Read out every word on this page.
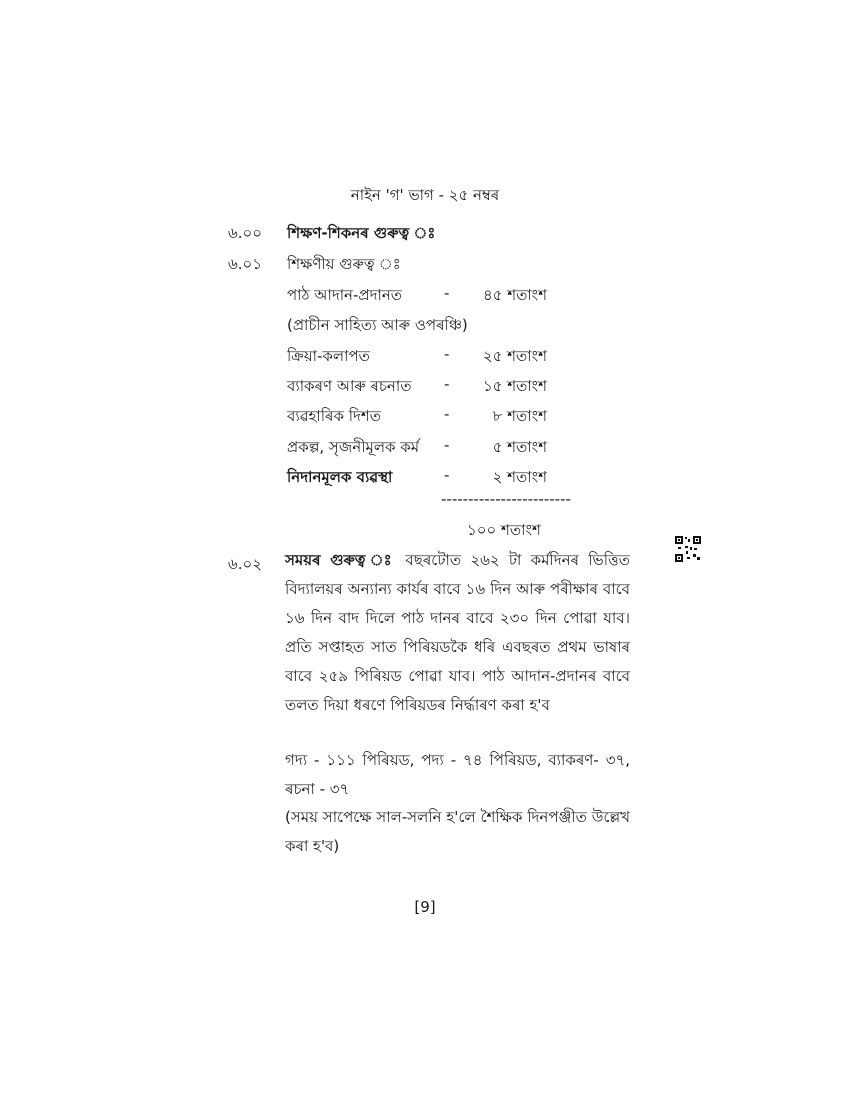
নাইন 'গ' ভাগ - ২৫ নম্বৰ
৬.০০ শিক্ষণ-শিকনৰ গুৰুত্ব ঃ
৬.০১ শিক্ষণীয় গুৰুত্ব ঃ
পাঠ আদান-প্ৰদানত	- ৪৫ শতাংশ
(প্ৰাচীন সাহিত্য আৰু ওপৰঞ্চি)
ক্ৰিয়া-কলাপত	- ২৫ শতাংশ
ব্যাকৰণ আৰু ৰচনাত - ১৫ শতাংশ
ব্যৱহাৰিক দিশত	-	৮ শতাংশ
প্ৰকল্প, সৃজনীমূলক কৰ্ম -	৫ শতাংশ
নিদানমূলক ব্যৱস্থা	-	২ শতাংশ
------------------------
১০০ শতাংশ
৬.০২ সময়ৰ গুৰুত্ব ঃ বছৰটোত ২৬২ টা কৰ্মদিনৰ ভিত্তিত বিদ্যালয়ৰ অন্যান্য কাৰ্যৰ বাবে ১৬ দিন আৰু পৰীক্ষাৰ বাবে ১৬ দিন বাদ দিলে পাঠ দানৰ বাবে ২৩০ দিন পোৱা যাব। প্ৰতি সপ্তাহত সাত পিৰিয়ডকৈ ধৰি এবছৰত প্ৰথম ভাষাৰ বাবে ২৫৯ পিৰিয়ড পোৱা যাব। পাঠ আদান-প্ৰদানৰ বাবে তলত দিয়া ধৰণে পিৰিয়ডৰ নিৰ্দ্ধাৰণ কৰা হ'ব
গদ্য - ১১১ পিৰিয়ড, পদ্য - ৭৪ পিৰিয়ড, ব্যাকৰণ- ৩৭, ৰচনা - ৩৭
(সময় সাপেক্ষে সাল-সলনি হ'লে শৈক্ষিক দিনপঞ্জীত উল্লেখ কৰা হ'ব)
[9]
